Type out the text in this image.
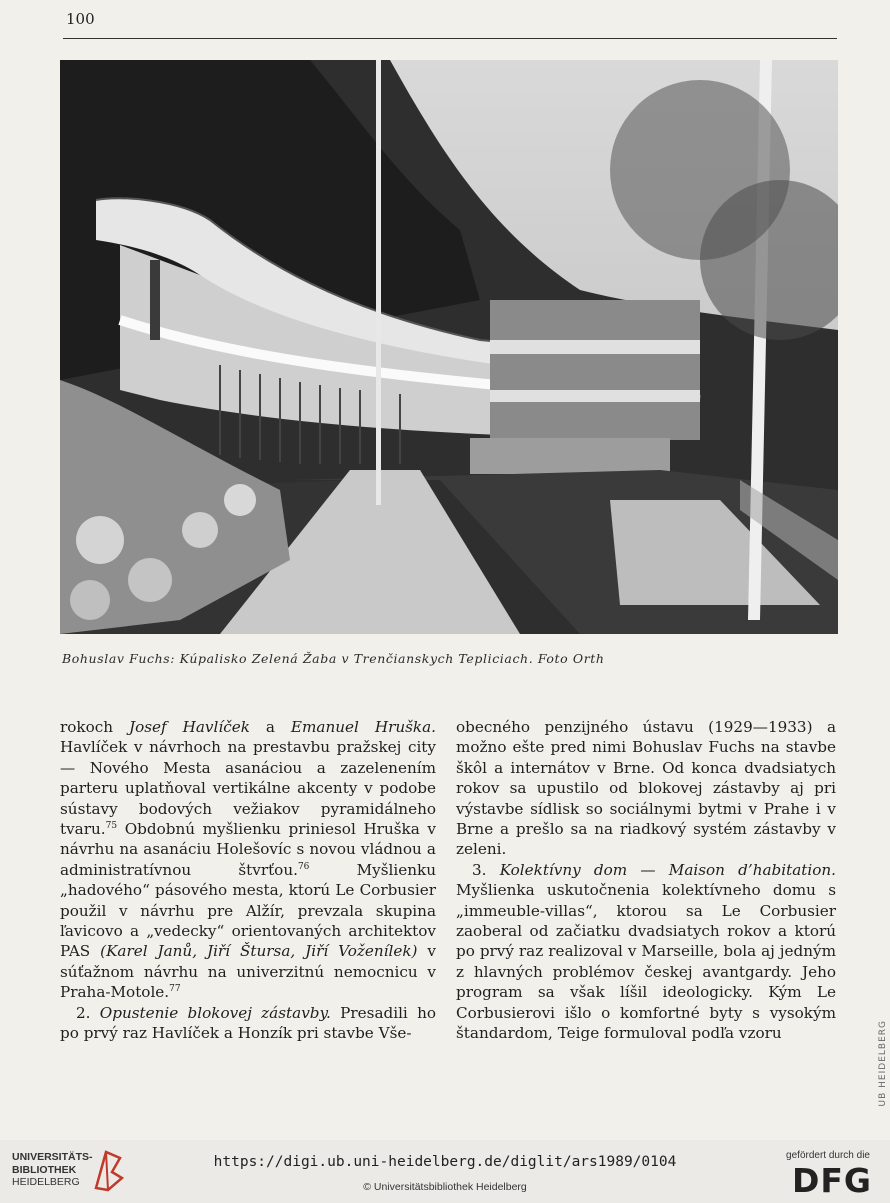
100
Bohuslav Fuchs: Kúpalisko Zelená Žaba v Trenčianskych Tepliciach. Foto Orth

rokoch Josef Havlíček a Emanuel Hruška. Havlíček v návrhoch na prestavbu pražskej city — Nového Mesta asanáciou a zazelenením parteru uplatňoval vertikálne akcenty v podobe sústavy bodových vežiakov pyramidálneho tvaru.$^{75}$ Obdobnú myšlienku priniesol Hruška v návrhu na asanáciu Holešovíc s novou vládnou a administratívnou štvrťou.$^{76}$ Myšlienku „hadového“ pásového mesta, ktorú Le Corbusier použil v návrhu pre Alžír, prevzala skupina ľavicovo a „vedecky“ orientovaných architektov PAS (Karel Janů, Jiří Štursa, Jiří Voženílek) v súťažnom návrhu na univerzitnú nemocnicu v Praha-Motole.$^{77}$

2. Opustenie blokovej zástavby. Presadili ho po prvý raz Havlíček a Honzík pri stavbe Vše-

obecného penzijného ústavu (1929—1933) a možno ešte pred nimi Bohuslav Fuchs na stavbe škôl a internátov v Brne. Od konca dvadsiatych rokov sa upustilo od blokovej zástavby aj pri výstavbe sídlisk so sociálnymi bytmi v Prahe i v Brne a prešlo sa na riadkový systém zástavby v zeleni.

3. Kolektívny dom — Maison d’habitation. Myšlienka uskutočnenia kolektívneho domu s „immeuble-villas“, ktorou sa Le Corbusier zaoberal od začiatku dvadsiatych rokov a ktorú po prvý raz realizoval v Marseille, bola aj jedným z hlavných problémov českej avantgardy. Jeho program sa však líšil ideologicky. Kým Le Corbusierovi išlo o komfortné byty s vysokým štandardom, Teige formuloval podľa vzoru	UB HEIDELBERG
UNIVERSITÄTS-
BIBLIOTHEK
HEIDELBERG
https://digi.ub.uni-heidelberg.de/diglit/ars1989/0104
© Universitätsbibliothek Heidelberg
gefördert durch die
DFG
